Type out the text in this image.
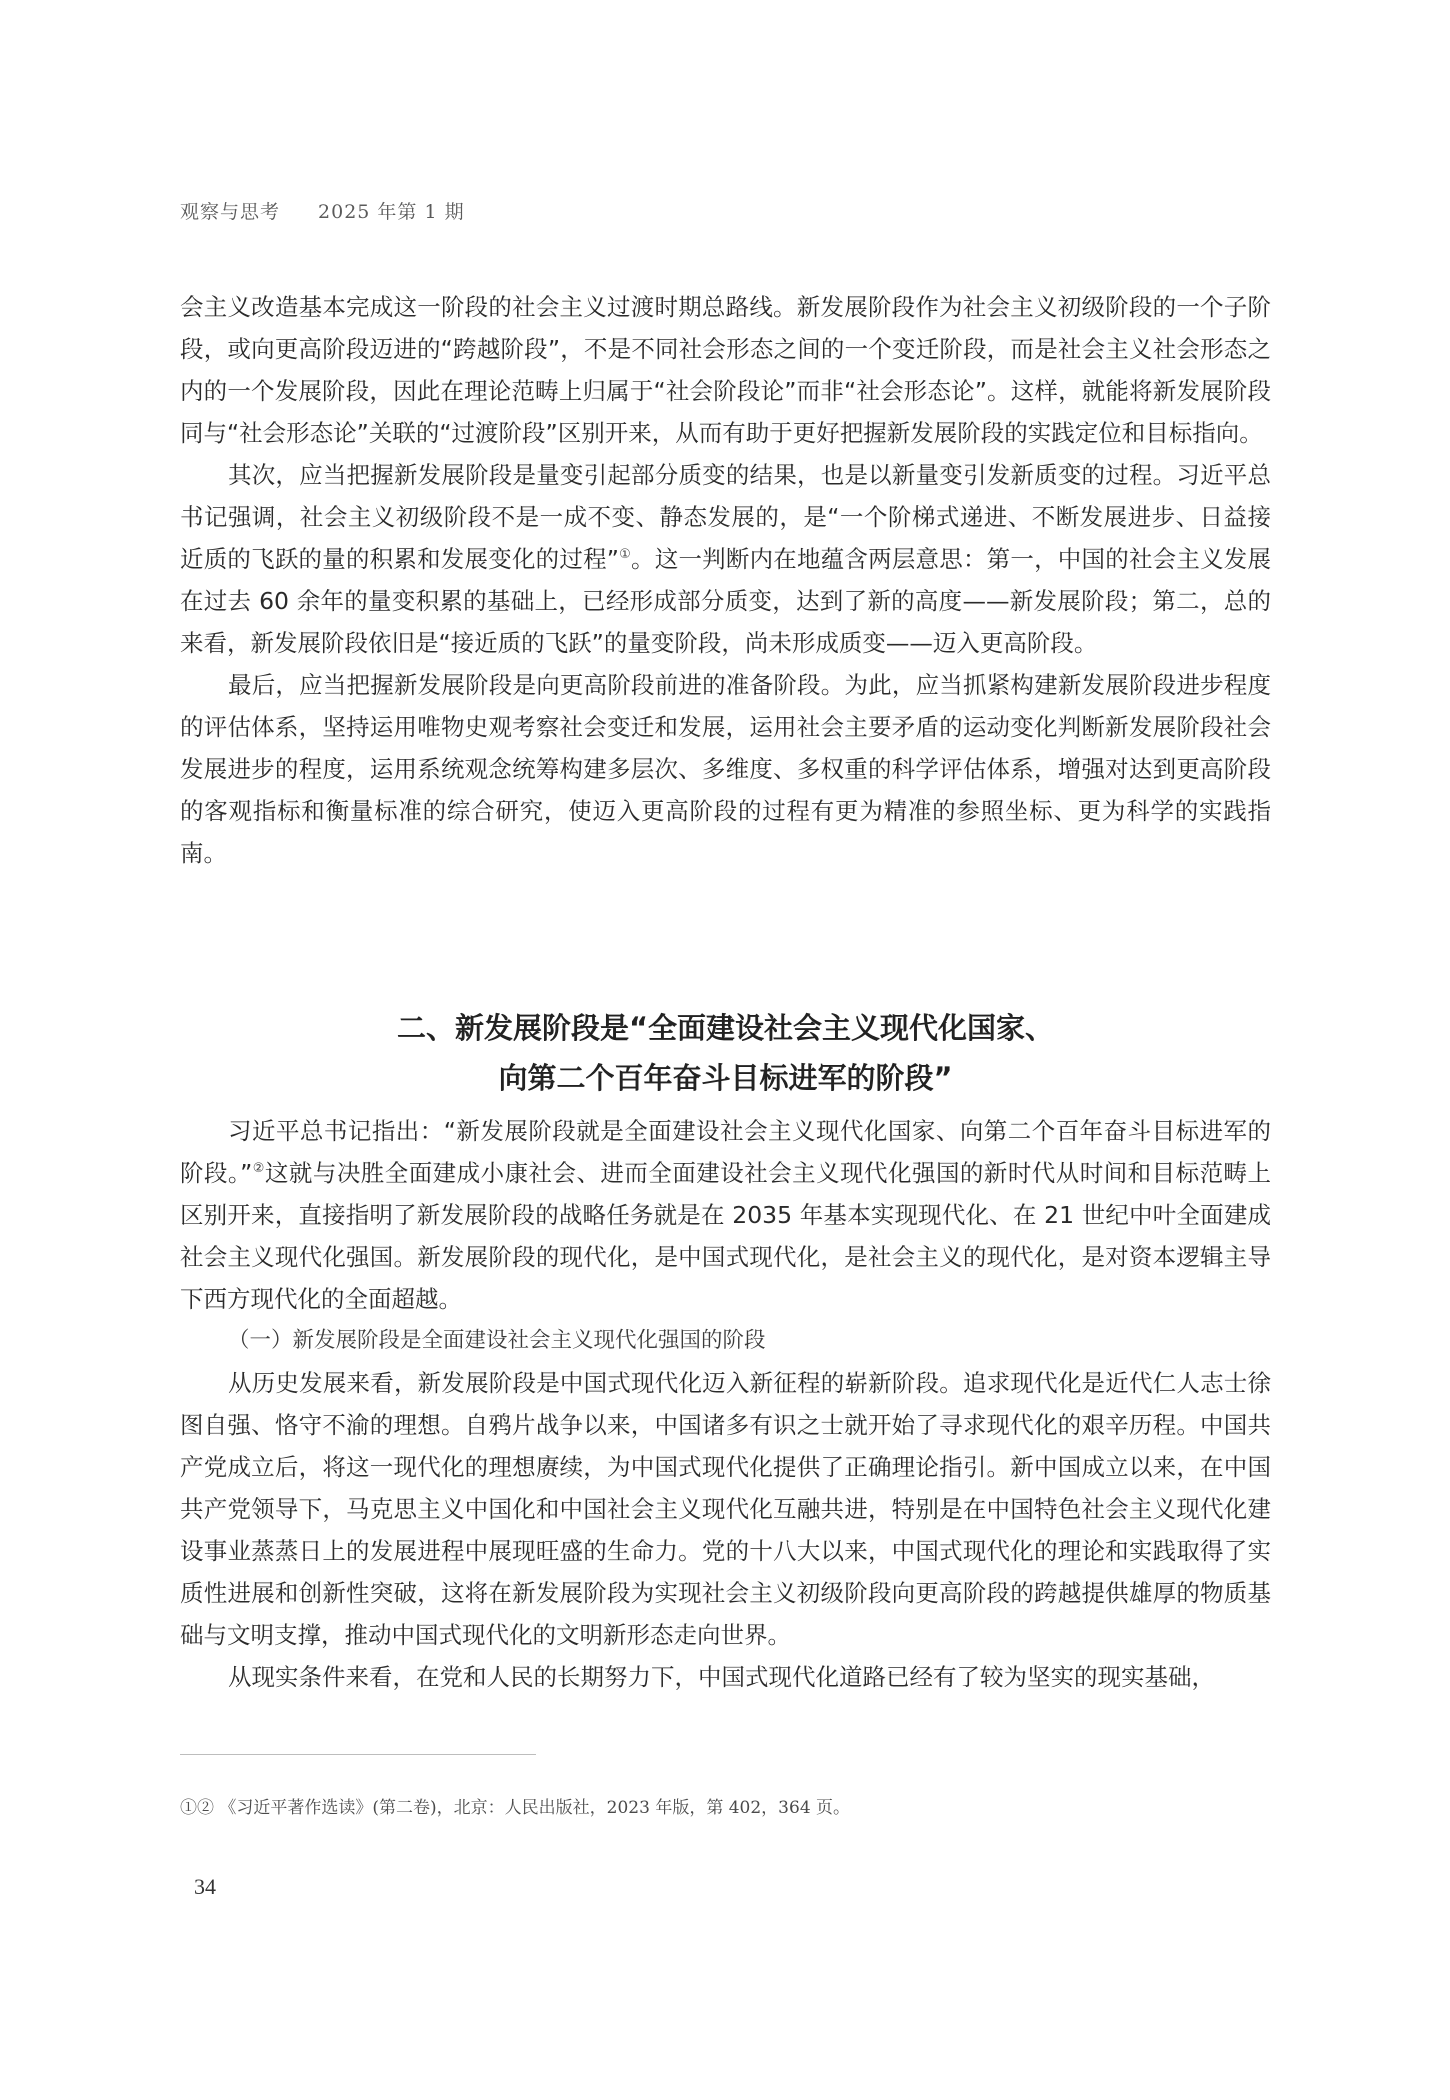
观察与思考 2025 年第 1 期

会主义改造基本完成这一阶段的社会主义过渡时期总路线。新发展阶段作为社会主义初级阶段的一个子阶段，或向更高阶段迈进的“跨越阶段”，不是不同社会形态之间的一个变迁阶段，而是社会主义社会形态之内的一个发展阶段，因此在理论范畴上归属于“社会阶段论”而非“社会形态论”。这样，就能将新发展阶段同与“社会形态论”关联的“过渡阶段”区别开来，从而有助于更好把握新发展阶段的实践定位和目标指向。

其次，应当把握新发展阶段是量变引起部分质变的结果，也是以新量变引发新质变的过程。习近平总书记强调，社会主义初级阶段不是一成不变、静态发展的，是“一个阶梯式递进、不断发展进步、日益接近质的飞跃的量的积累和发展变化的过程”①。这一判断内在地蕴含两层意思：第一，中国的社会主义发展在过去 60 余年的量变积累的基础上，已经形成部分质变，达到了新的高度——新发展阶段；第二，总的来看，新发展阶段依旧是“接近质的飞跃”的量变阶段，尚未形成质变——迈入更高阶段。

最后，应当把握新发展阶段是向更高阶段前进的准备阶段。为此，应当抓紧构建新发展阶段进步程度的评估体系，坚持运用唯物史观考察社会变迁和发展，运用社会主要矛盾的运动变化判断新发展阶段社会发展进步的程度，运用系统观念统筹构建多层次、多维度、多权重的科学评估体系，增强对达到更高阶段的客观指标和衡量标准的综合研究，使迈入更高阶段的过程有更为精准的参照坐标、更为科学的实践指南。

二、新发展阶段是“全面建设社会主义现代化国家、
向第二个百年奋斗目标进军的阶段”

习近平总书记指出：“新发展阶段就是全面建设社会主义现代化国家、向第二个百年奋斗目标进军的阶段。”②这就与决胜全面建成小康社会、进而全面建设社会主义现代化强国的新时代从时间和目标范畴上区别开来，直接指明了新发展阶段的战略任务就是在 2035 年基本实现现代化、在 21 世纪中叶全面建成社会主义现代化强国。新发展阶段的现代化，是中国式现代化，是社会主义的现代化，是对资本逻辑主导下西方现代化的全面超越。

（一）新发展阶段是全面建设社会主义现代化强国的阶段

从历史发展来看，新发展阶段是中国式现代化迈入新征程的崭新阶段。追求现代化是近代仁人志士徐图自强、恪守不渝的理想。自鸦片战争以来，中国诸多有识之士就开始了寻求现代化的艰辛历程。中国共产党成立后，将这一现代化的理想赓续，为中国式现代化提供了正确理论指引。新中国成立以来，在中国共产党领导下，马克思主义中国化和中国社会主义现代化互融共进，特别是在中国特色社会主义现代化建设事业蒸蒸日上的发展进程中展现旺盛的生命力。党的十八大以来，中国式现代化的理论和实践取得了实质性进展和创新性突破，这将在新发展阶段为实现社会主义初级阶段向更高阶段的跨越提供雄厚的物质基础与文明支撑，推动中国式现代化的文明新形态走向世界。

从现实条件来看，在党和人民的长期努力下，中国式现代化道路已经有了较为坚实的现实基础，

①② 《习近平著作选读》(第二卷)，北京：人民出版社，2023 年版，第 402，364 页。
34
